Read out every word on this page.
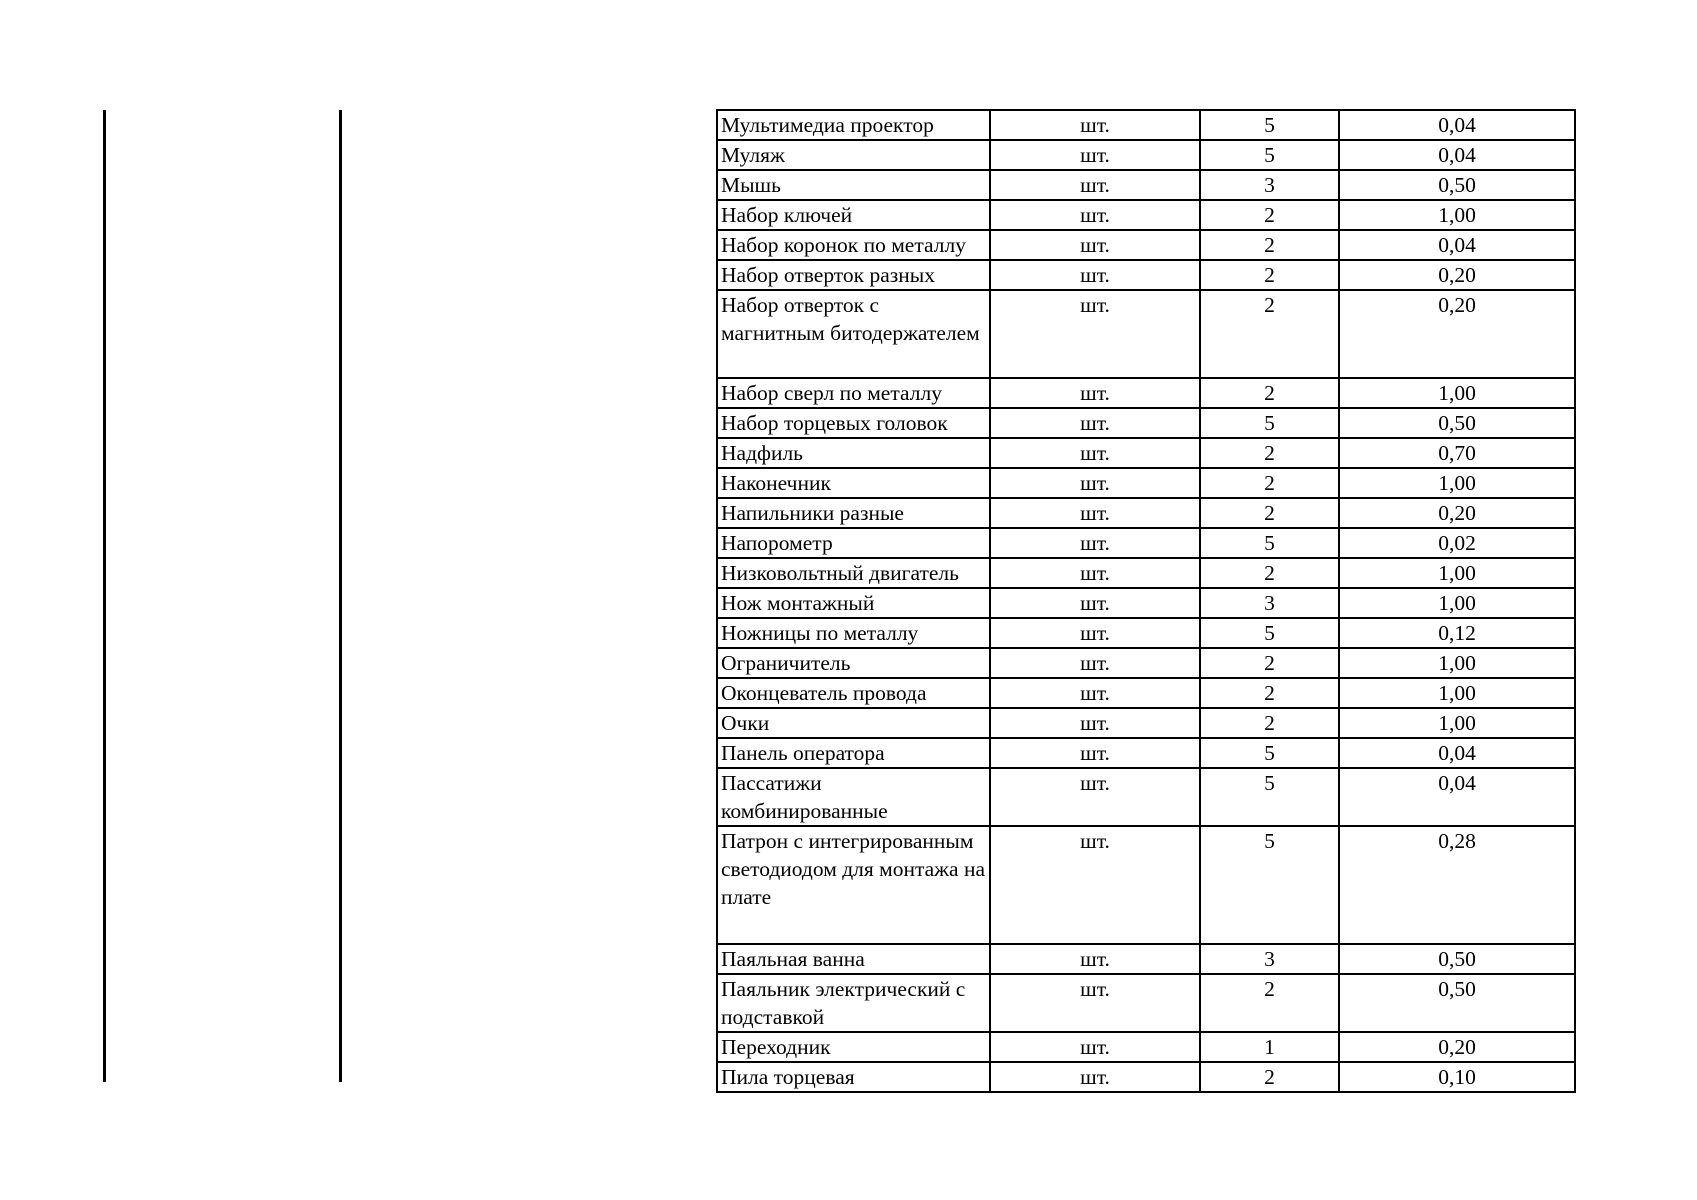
Мультимедиа проектор	шт.	5	0,04
Муляж	шт.	5	0,04
Мышь	шт.	3	0,50
Набор ключей	шт.	2	1,00
Набор коронок по металлу	шт.	2	0,04
Набор отверток разных	шт.	2	0,20
Набор отверток с магнитным битодержателем	шт.	2	0,20
Набор сверл по металлу	шт.	2	1,00
Набор торцевых головок	шт.	5	0,50
Надфиль	шт.	2	0,70
Наконечник	шт.	2	1,00
Напильники разные	шт.	2	0,20
Напорометр	шт.	5	0,02
Низковольтный двигатель	шт.	2	1,00
Нож монтажный	шт.	3	1,00
Ножницы по металлу	шт.	5	0,12
Ограничитель	шт.	2	1,00
Оконцеватель провода	шт.	2	1,00
Очки	шт.	2	1,00
Панель оператора	шт.	5	0,04
Пассатижи комбинированные	шт.	5	0,04
Патрон с интегрированным светодиодом для монтажа на плате	шт.	5	0,28
Паяльная ванна	шт.	3	0,50
Паяльник электрический с подставкой	шт.	2	0,50
Переходник	шт.	1	0,20
Пила торцевая	шт.	2	0,10
